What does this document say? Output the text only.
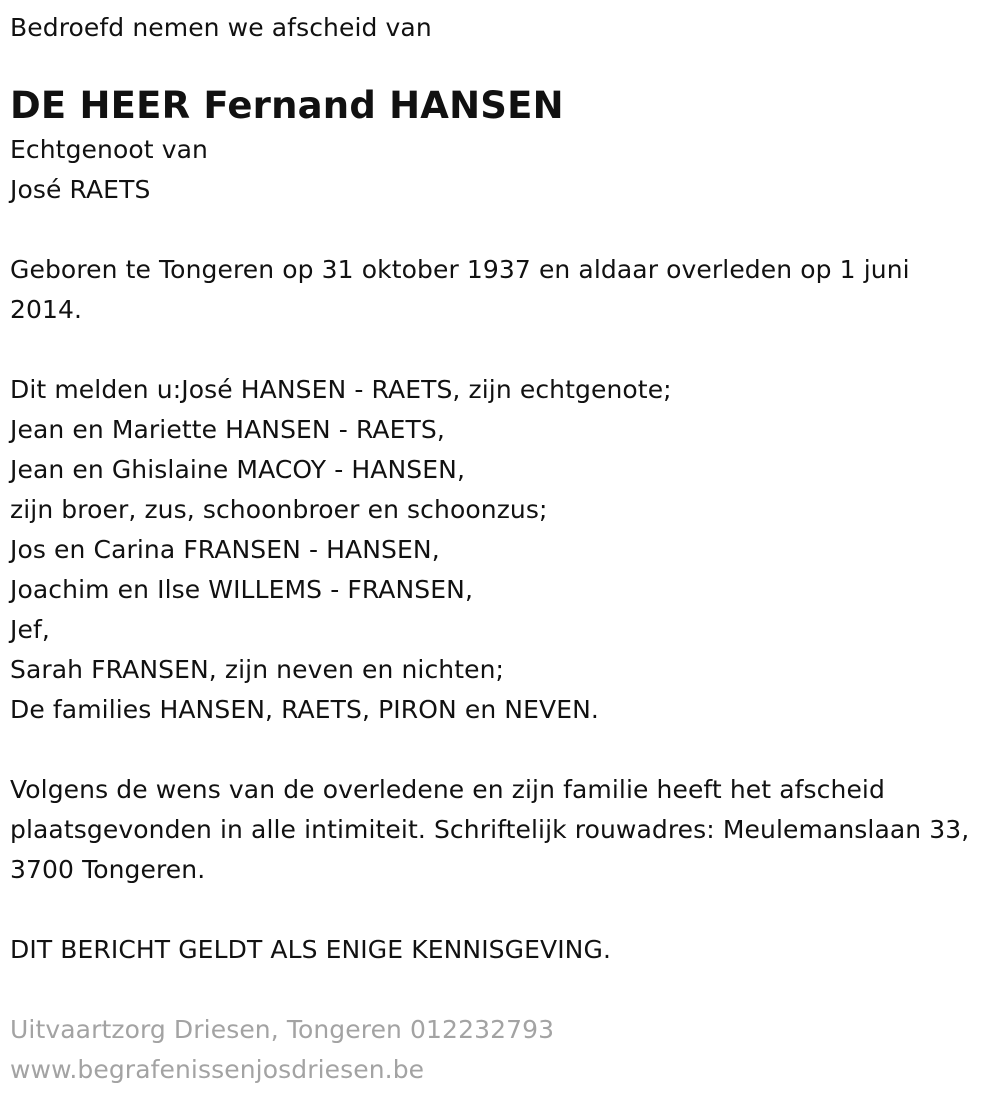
Bedroefd nemen we afscheid van
DE HEER Fernand HANSEN
Echtgenoot van
José RAETS
Geboren te Tongeren op 31 oktober 1937 en aldaar overleden op 1 juni 2014.
Dit melden u:José HANSEN - RAETS, zijn echtgenote;
Jean en Mariette HANSEN - RAETS,
Jean en Ghislaine MACOY - HANSEN,
zijn broer, zus, schoonbroer en schoonzus;
Jos en Carina FRANSEN - HANSEN,
Joachim en Ilse WILLEMS - FRANSEN,
Jef,
Sarah FRANSEN, zijn neven en nichten;
De families HANSEN, RAETS, PIRON en NEVEN.
Volgens de wens van de overledene en zijn familie heeft het afscheid plaatsgevonden in alle intimiteit. Schriftelijk rouwadres: Meulemanslaan 33, 3700 Tongeren.
DIT BERICHT GELDT ALS ENIGE KENNISGEVING.
Uitvaartzorg Driesen, Tongeren 012232793
www.begrafenissenjosdriesen.be
